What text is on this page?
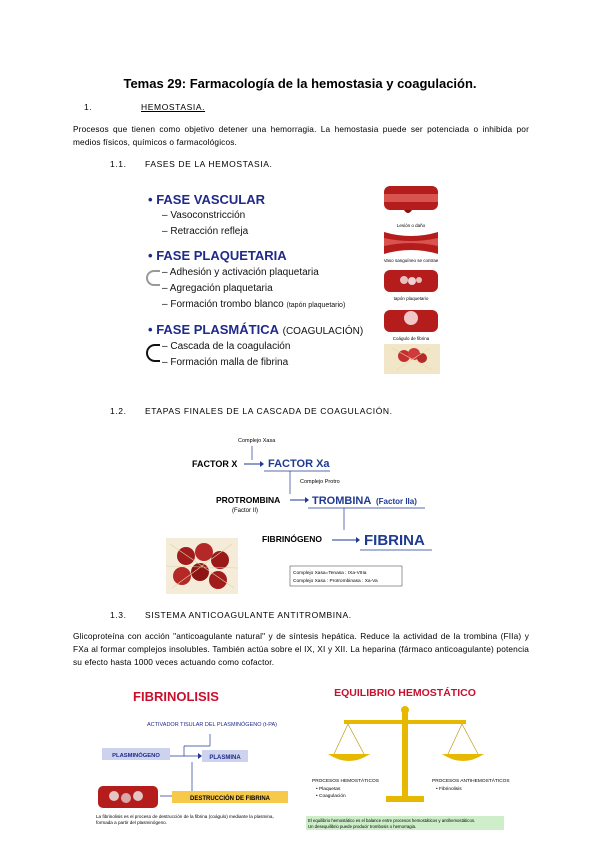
Temas 29: Farmacología de la hemostasia y coagulación.
1.	HEMOSTASIA.
Procesos que tienen como objetivo detener una hemorragia. La hemostasia puede ser potenciada o inhibida por medios físicos, químicos o farmacológicos.
1.1. FASES DE LA HEMOSTASIA.
• FASE VASCULAR
– Vasoconstricción
– Retracción refleja
• FASE PLAQUETARIA
– Adhesión y activación plaquetaria
– Agregación plaquetaria
– Formación trombo blanco (tapón plaquetario)
• FASE PLASMÁTICA (COAGULACIÓN)
– Cascada de la coagulación
– Formación malla de fibrina
Lesión o daño
Vaso sanguíneo se contrae
tapón plaquetario
Coágulo de fibrina
1.2. ETAPAS FINALES DE LA CASCADA DE COAGULACIÓN.
Complejo Xasa
FACTOR X	FACTOR Xa
Complejo Protro
PROTROMBINA
(Factor II)
TROMBINA (Factor IIa)
FIBRINÓGENO	FIBRINA
Complejo Xasa=Tenasa : IXa-VIIIa
Complejo Xasa : Protrombinasa : Xa-Va
1.3. SISTEMA ANTICOAGULANTE ANTITROMBINA.
Glicoproteína con acción "anticoagulante natural" y de síntesis hepática. Reduce la actividad de la trombina (FIIa) y FXa al formar complejos insolubles. También actúa sobre el IX, XI y XII. La heparina (fármaco anticoagulante) potencia su efecto hasta 1000 veces actuando como cofactor.
FIBRINOLISIS
ACTIVADOR TISULAR DEL PLASMINÓGENO (t-PA)
PLASMINÓGENO	PLASMINA
DESTRUCCIÓN DE FIBRINA
La fibrinolisis es el proceso de destrucción de la fibrina (coágulo) mediante la plasmina, formada a partir del plasminógeno.
EQUILIBRIO HEMOSTÁTICO
PROCESOS HEMOSTÁTICOS
• Plaquetas
• Coagulación
PROCESOS ANTIHEMOSTÁTICOS
• Fibrinolisis
El equilibrio hemostático es el balance entre procesos hemostáticos y antihemostáticos.
Un desequilibrio puede producir trombosis o hemorragia.
